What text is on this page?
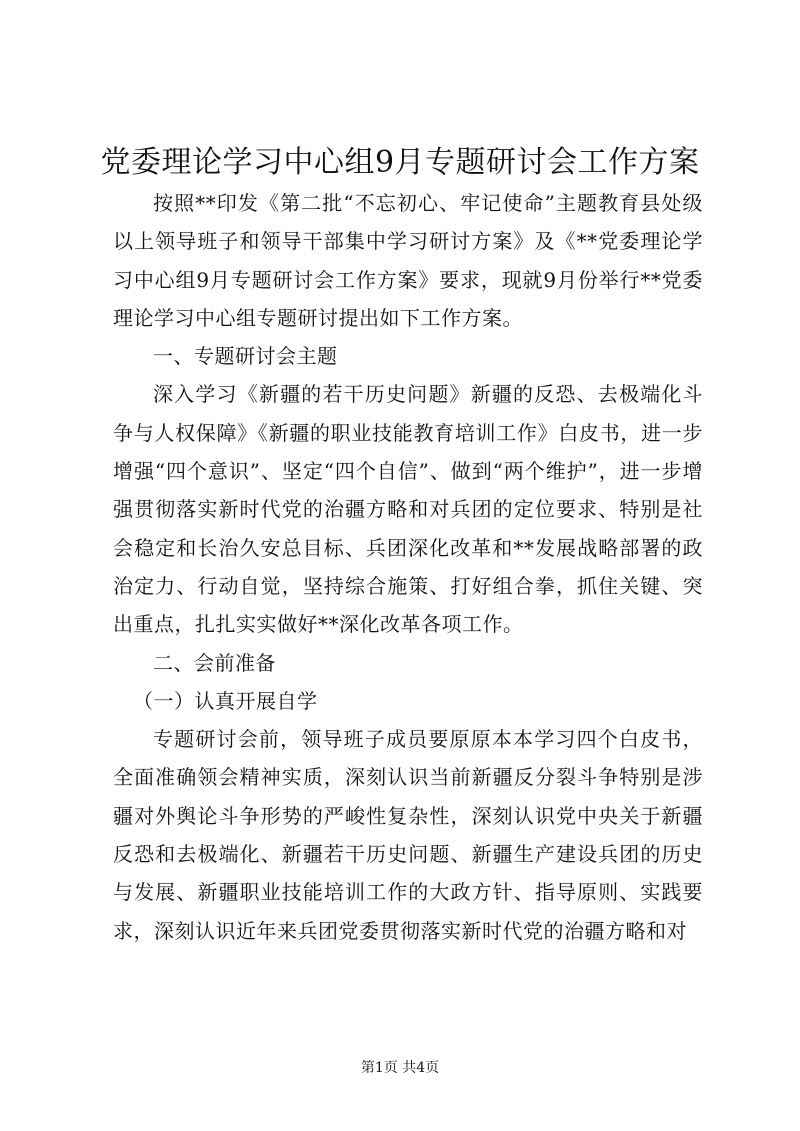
党委理论学习中心组9月专题研讨会工作方案

按照**印发《第二批“不忘初心、牢记使命”主题教育县处级以上领导班子和领导干部集中学习研讨方案》及《**党委理论学习中心组9月专题研讨会工作方案》要求，现就9月份举行**党委理论学习中心组专题研讨提出如下工作方案。

一、专题研讨会主题

深入学习《新疆的若干历史问题》新疆的反恐、去极端化斗争与人权保障》《新疆的职业技能教育培训工作》白皮书，进一步增强“四个意识”、坚定“四个自信”、做到“两个维护”，进一步增强贯彻落实新时代党的治疆方略和对兵团的定位要求、特别是社会稳定和长治久安总目标、兵团深化改革和**发展战略部署的政治定力、行动自觉，坚持综合施策、打好组合拳，抓住关键、突出重点，扎扎实实做好**深化改革各项工作。

二、会前准备

（一）认真开展自学

专题研讨会前，领导班子成员要原原本本学习四个白皮书，全面准确领会精神实质，深刻认识当前新疆反分裂斗争特别是涉疆对外舆论斗争形势的严峻性复杂性，深刻认识党中央关于新疆反恐和去极端化、新疆若干历史问题、新疆生产建设兵团的历史与发展、新疆职业技能培训工作的大政方针、指导原则、实践要求，深刻认识近年来兵团党委贯彻落实新时代党的治疆方略和对

第1页 共4页
